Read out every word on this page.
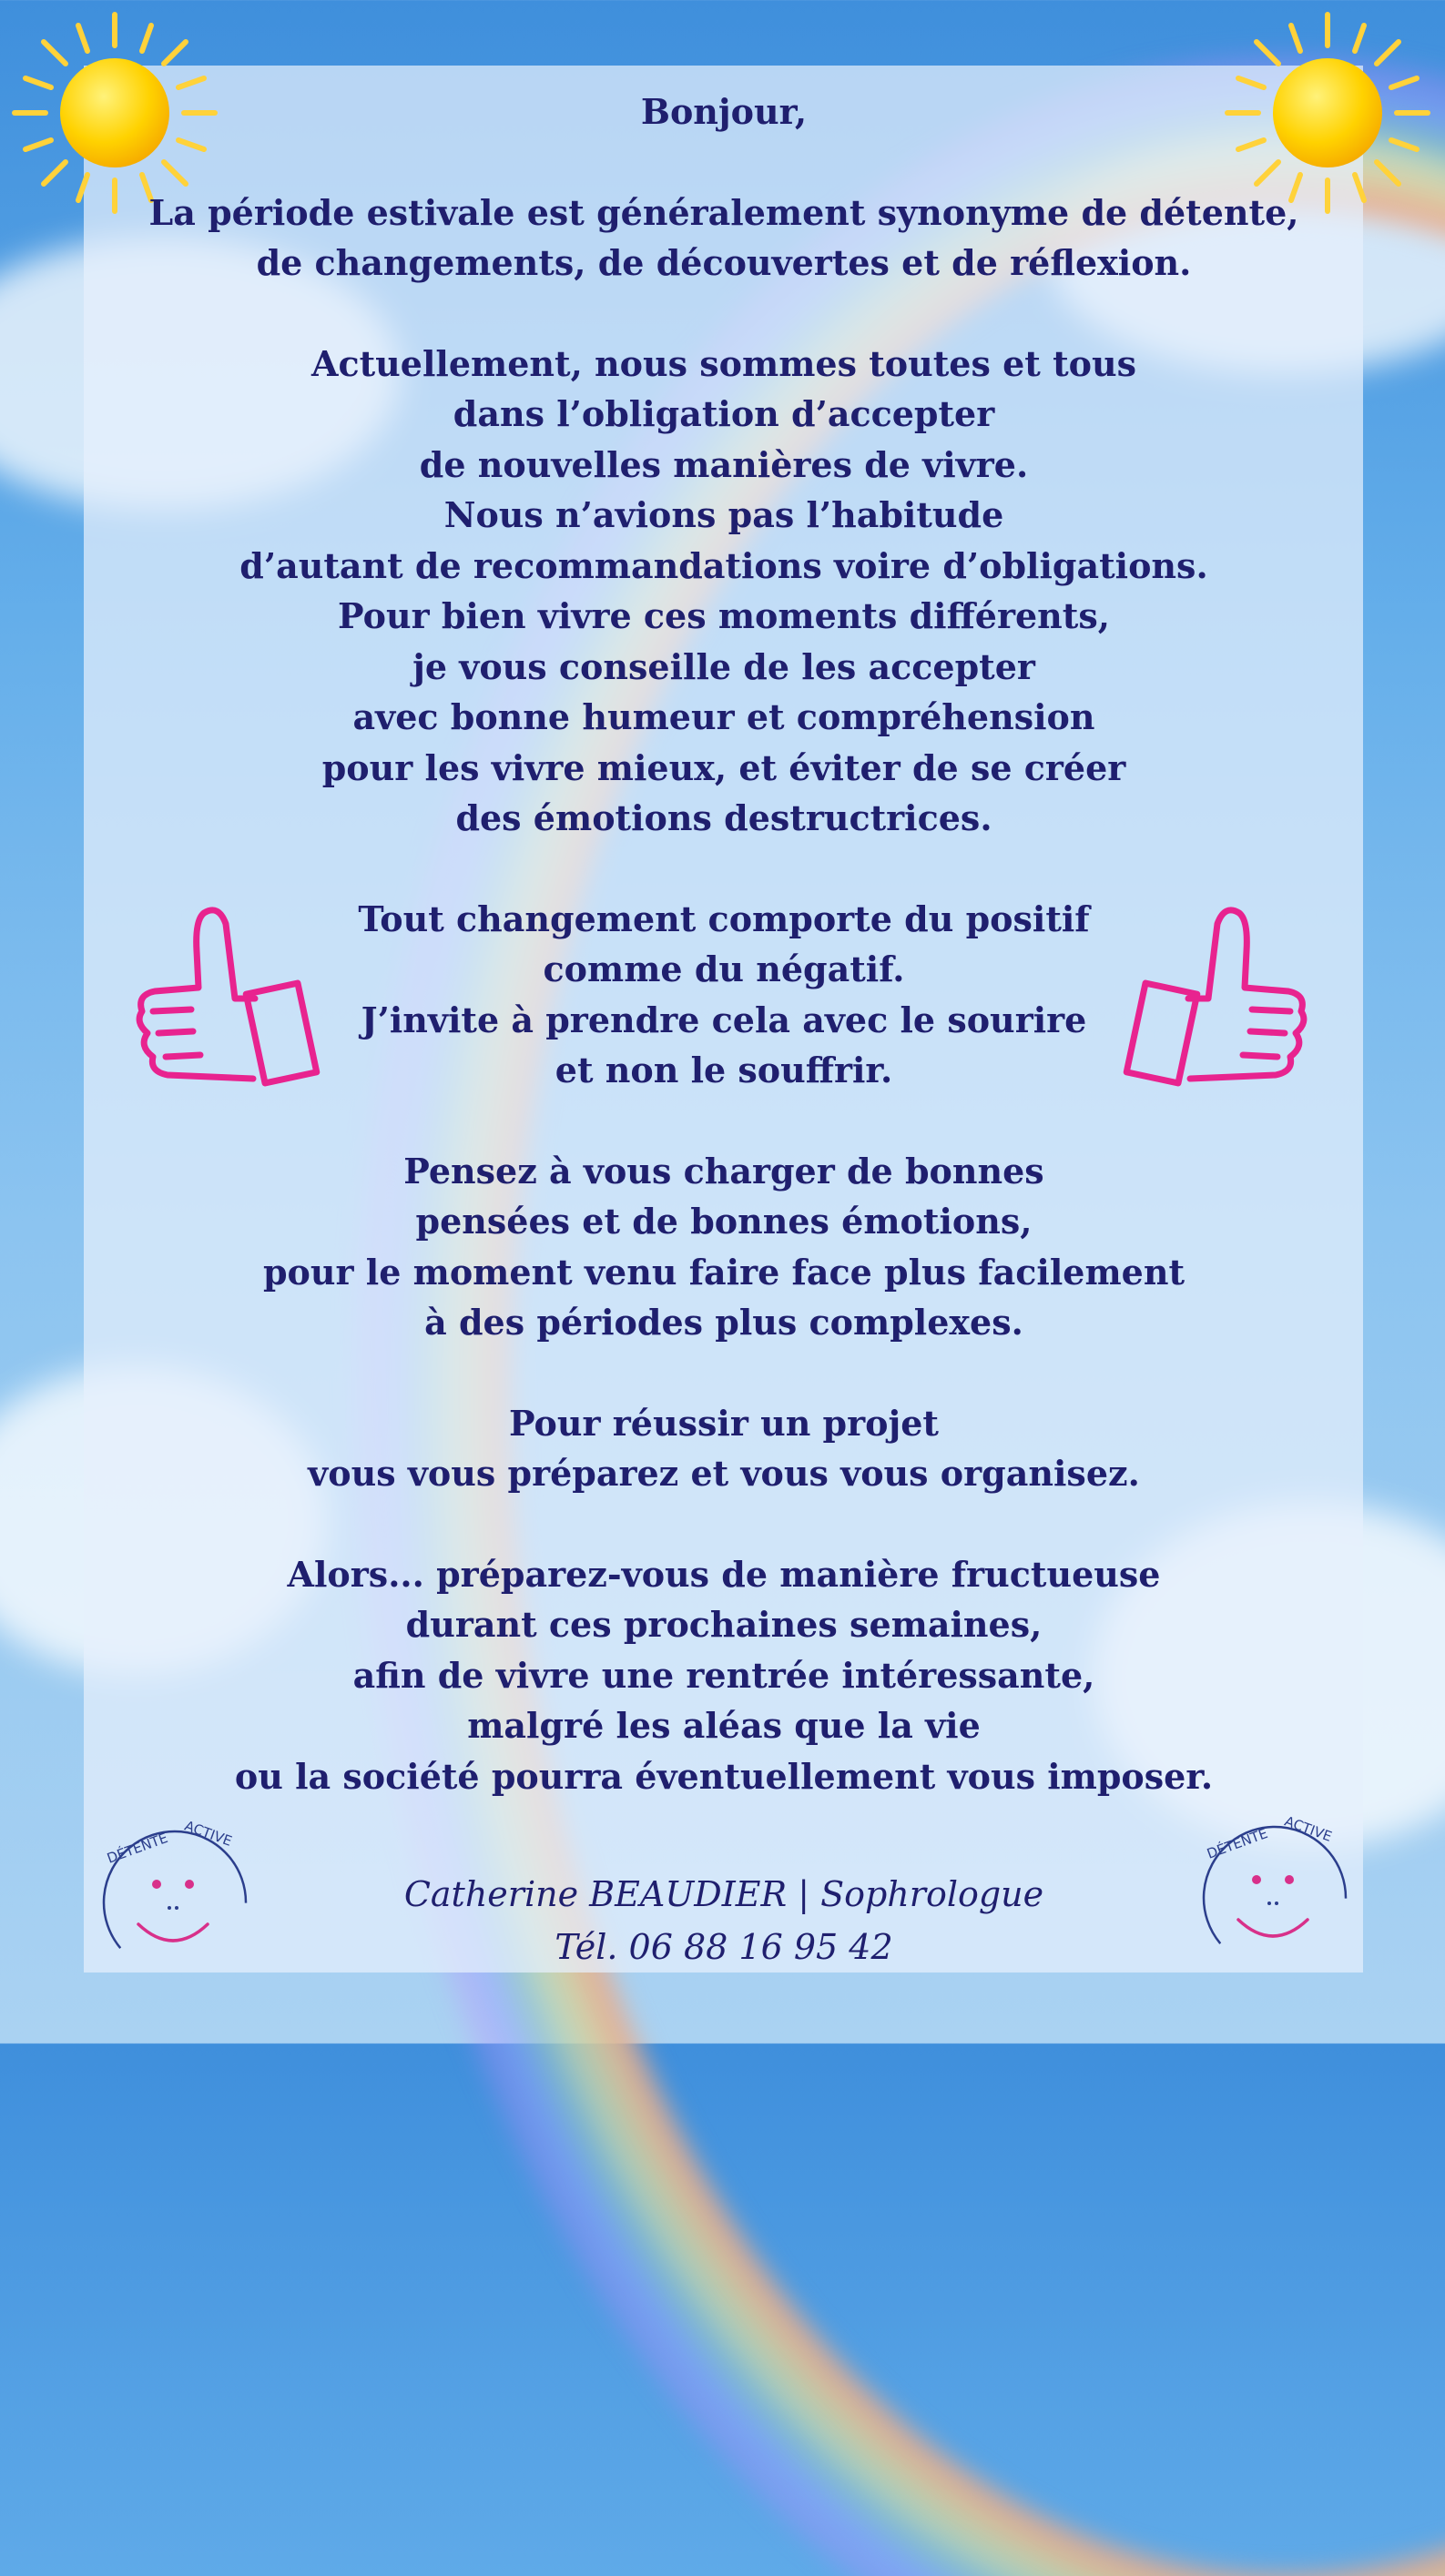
DÉTENTE ACTIVE	DÉTENTE ACTIVE

Bonjour,

La période estivale est généralement synonyme de détente,

de changements, de découvertes et de réflexion.

Actuellement, nous sommes toutes et tous

dans l’obligation d’accepter

de nouvelles manières de vivre.

Nous n’avions pas l’habitude

d’autant de recommandations voire d’obligations.

Pour bien vivre ces moments différents,

je vous conseille de les accepter

avec bonne humeur et compréhension

pour les vivre mieux, et éviter de se créer

des émotions destructrices.

Tout changement comporte du positif

comme du négatif.

J’invite à prendre cela avec le sourire

et non le souffrir.

Pensez à vous charger de bonnes

pensées et de bonnes émotions,

pour le moment venu faire face plus facilement

à des périodes plus complexes.

Pour réussir un projet

vous vous préparez et vous vous organisez.

Alors... préparez-vous de manière fructueuse

durant ces prochaines semaines,

afin de vivre une rentrée intéressante,

malgré les aléas que la vie

ou la société pourra éventuellement vous imposer.

Catherine BEAUDIER | Sophrologue

Tél. 06 88 16 95 42
